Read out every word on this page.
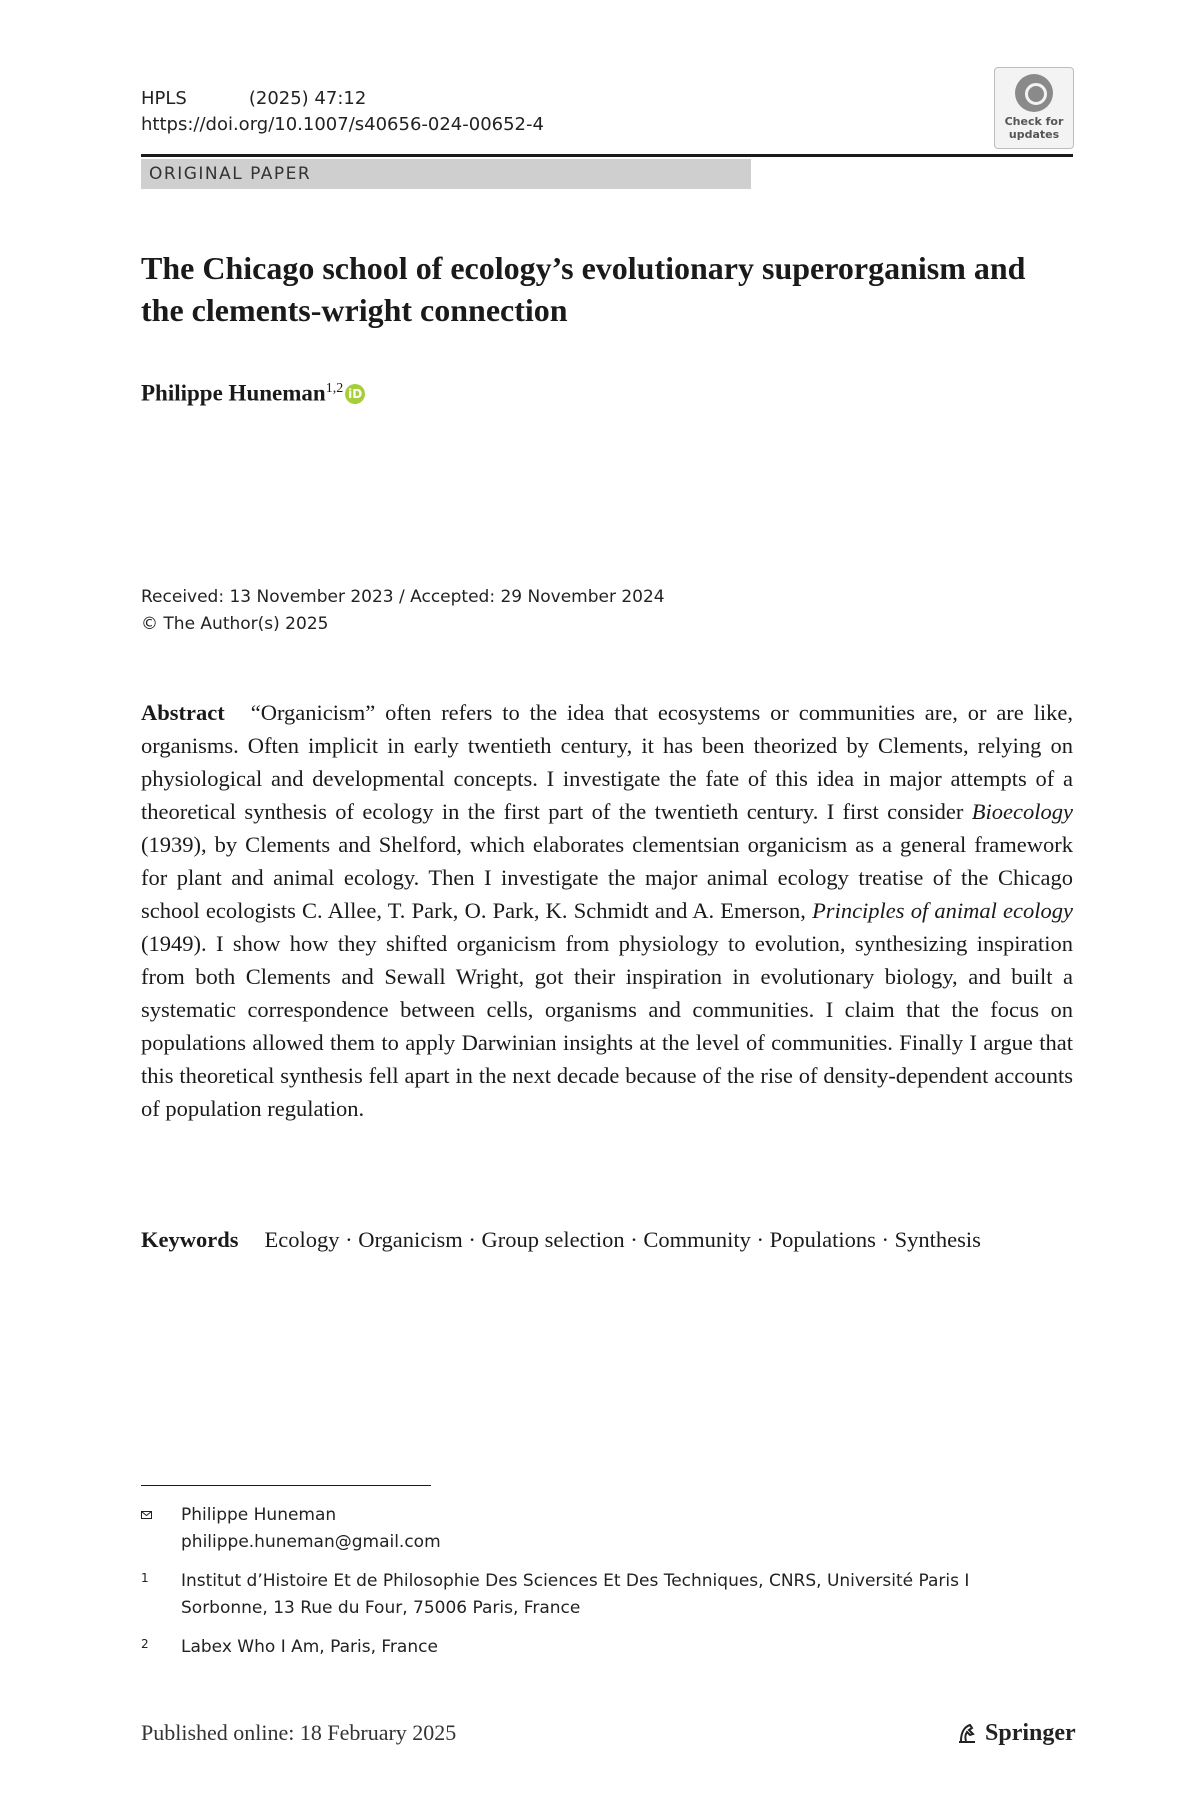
HPLS	(2025) 47:12
https://doi.org/10.1007/s40656-024-00652-4	Check for
updates
ORIGINAL PAPER
The Chicago school of ecology’s evolutionary superorganism and the clements-wright connection
Philippe Huneman$^{1,2}$ iD
Received: 13 November 2023 / Accepted: 29 November 2024
© The Author(s) 2025

Abstract “Organicism” often refers to the idea that ecosystems or communities are, or are like, organisms. Often implicit in early twentieth century, it has been theorized by Clements, relying on physiological and developmental concepts. I investigate the fate of this idea in major attempts of a theoretical synthesis of ecology in the first part of the twentieth century. I first consider Bioecology (1939), by Clements and Shelford, which elaborates clementsian organicism as a general framework for plant and animal ecology. Then I investigate the major animal ecology treatise of the Chicago school ecologists C. Allee, T. Park, O. Park, K. Schmidt and A. Emerson, Principles of animal ecology (1949). I show how they shifted organicism from physiology to evolution, synthesizing inspiration from both Clements and Sewall Wright, got their inspiration in evolutionary biology, and built a systematic correspondence between cells, organisms and communities. I claim that the focus on populations allowed them to apply Darwinian insights at the level of communities. Finally I argue that this theoretical synthesis fell apart in the next decade because of the rise of density-dependent accounts of population regulation.

Keywords Ecology · Organicism · Group selection · Community · Populations · Synthesis
Philippe Huneman
philippe.huneman@gmail.com
1	Institut d’Histoire Et de Philosophie Des Sciences Et Des Techniques, CNRS, Université Paris I
Sorbonne, 13 Rue du Four, 75006 Paris, France
2	Labex Who I Am, Paris, France
Published online: 18 February 2025	Springer
